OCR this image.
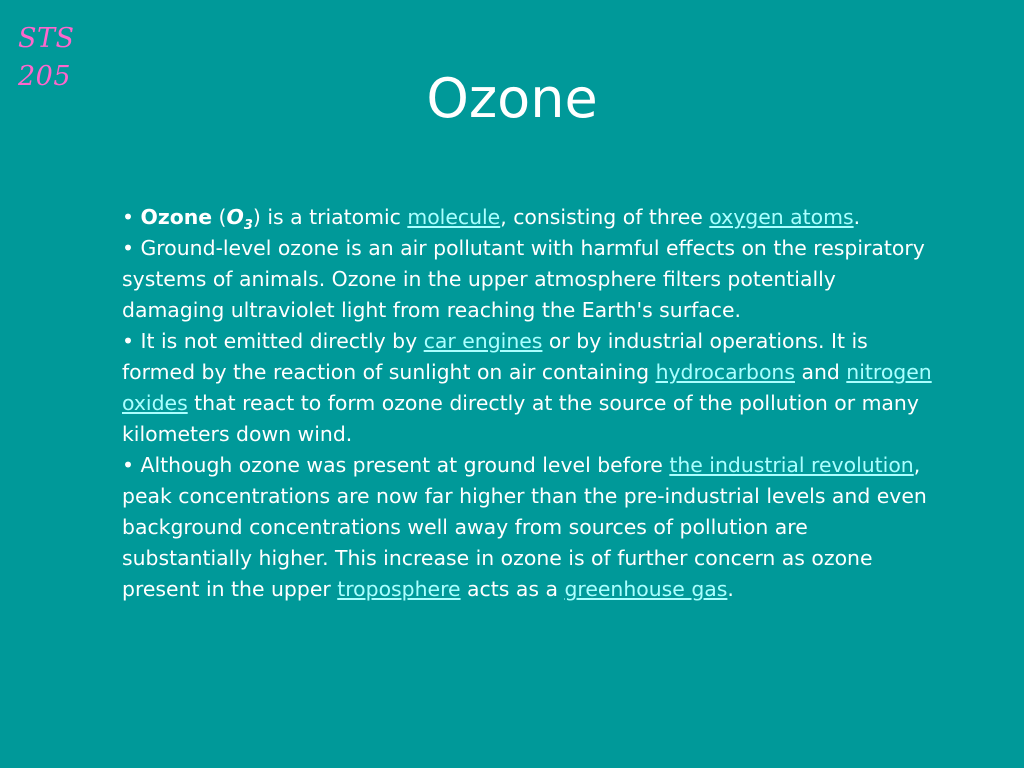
STS
205	Ozone

• Ozone $(O_3)$ is a triatomic molecule, consisting of three oxygen atoms.

• Ground-level ozone is an air pollutant with harmful effects on the respiratory systems of animals. Ozone in the upper atmosphere filters potentially damaging ultraviolet light from reaching the Earth's surface.

• It is not emitted directly by car engines or by industrial operations. It is formed by the reaction of sunlight on air containing hydrocarbons and nitrogen oxides that react to form ozone directly at the source of the pollution or many kilometers down wind.

• Although ozone was present at ground level before the industrial revolution, peak concentrations are now far higher than the pre-industrial levels and even background concentrations well away from sources of pollution are substantially higher. This increase in ozone is of further concern as ozone present in the upper troposphere acts as a greenhouse gas.
